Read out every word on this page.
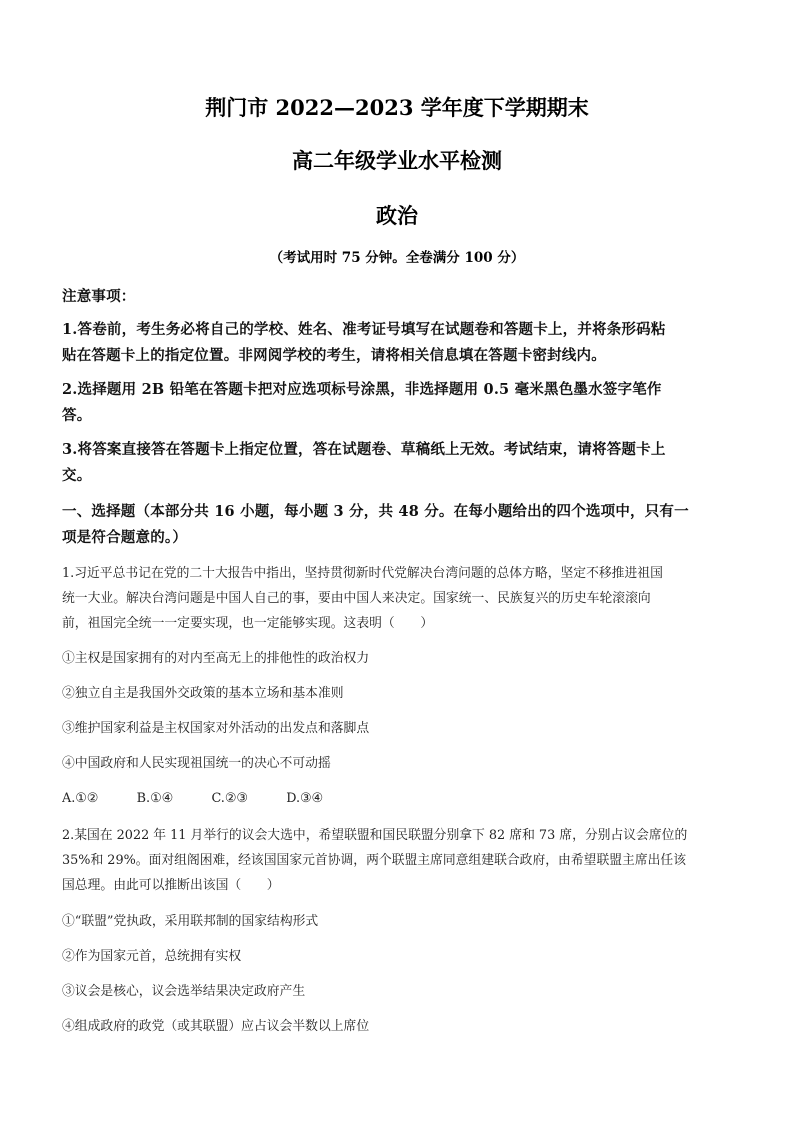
荆门市 2022—2023 学年度下学期期末
高二年级学业水平检测
政治
（考试用时 75 分钟。全卷满分 100 分）
注意事项：
1.答卷前，考生务必将自己的学校、姓名、准考证号填写在试题卷和答题卡上，并将条形码粘
贴在答题卡上的指定位置。非网阅学校的考生，请将相关信息填在答题卡密封线内。
2.选择题用 2B 铅笔在答题卡把对应选项标号涂黑，非选择题用 0.5 毫米黑色墨水签字笔作
答。
3.将答案直接答在答题卡上指定位置，答在试题卷、草稿纸上无效。考试结束，请将答题卡上
交。
一、选择题（本部分共 16 小题，每小题 3 分，共 48 分。在每小题给出的四个选项中，只有一
项是符合题意的。）
1.习近平总书记在党的二十大报告中指出，坚持贯彻新时代党解决台湾问题的总体方略，坚定不移推进祖国
统一大业。解决台湾问题是中国人自己的事，要由中国人来决定。国家统一、民族复兴的历史车轮滚滚向
前，祖国完全统一一定要实现，也一定能够实现。这表明（　　）
①主权是国家拥有的对内至高无上的排他性的政治权力
②独立自主是我国外交政策的基本立场和基本准则
③维护国家利益是主权国家对外活动的出发点和落脚点
④中国政府和人民实现祖国统一的决心不可动摇
A.①②　　　B.①④　　　C.②③　　　D.③④
2.某国在 2022 年 11 月举行的议会大选中，希望联盟和国民联盟分别拿下 82 席和 73 席，分别占议会席位的
35%和 29%。面对组阁困难，经该国国家元首协调，两个联盟主席同意组建联合政府，由希望联盟主席出任该
国总理。由此可以推断出该国（　　）
①“联盟”党执政，采用联邦制的国家结构形式
②作为国家元首，总统拥有实权
③议会是核心，议会选举结果决定政府产生
④组成政府的政党（或其联盟）应占议会半数以上席位
